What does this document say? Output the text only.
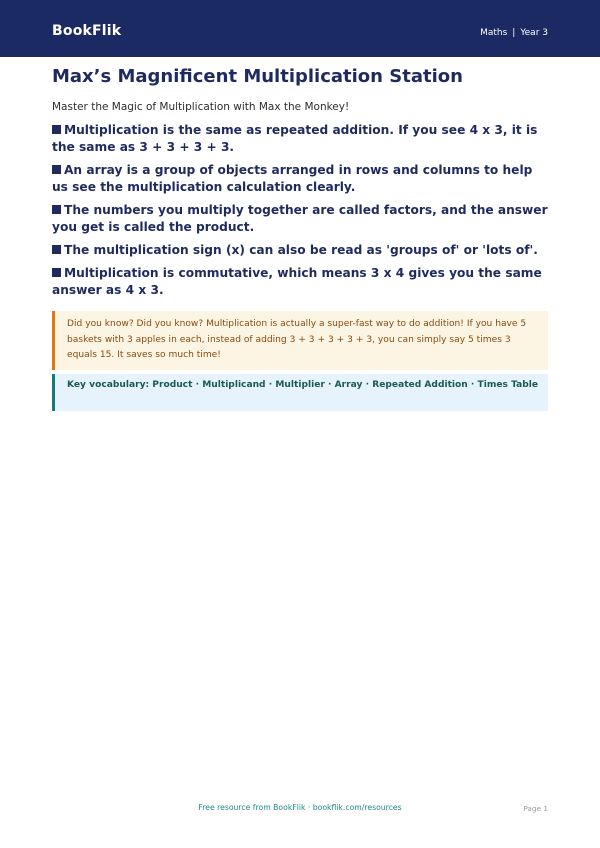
BookFlik	Maths | Year 3
Max’s Magnificent Multiplication Station
Master the Magic of Multiplication with Max the Monkey!
Multiplication is the same as repeated addition. If you see 4 x 3, it is the same as 3 + 3 + 3 + 3.
An array is a group of objects arranged in rows and columns to help us see the multiplication calculation clearly.
The numbers you multiply together are called factors, and the answer you get is called the product.
The multiplication sign (x) can also be read as 'groups of' or 'lots of'.
Multiplication is commutative, which means 3 x 4 gives you the same answer as 4 x 3.
Did you know? Did you know? Multiplication is actually a super-fast way to do addition! If you have 5 baskets with 3 apples in each, instead of adding 3 + 3 + 3 + 3 + 3, you can simply say 5 times 3 equals 15. It saves so much time!
Key vocabulary: Product · Multiplicand · Multiplier · Array · Repeated Addition · Times Table
Free resource from BookFlik · bookflik.com/resources	Page 1
